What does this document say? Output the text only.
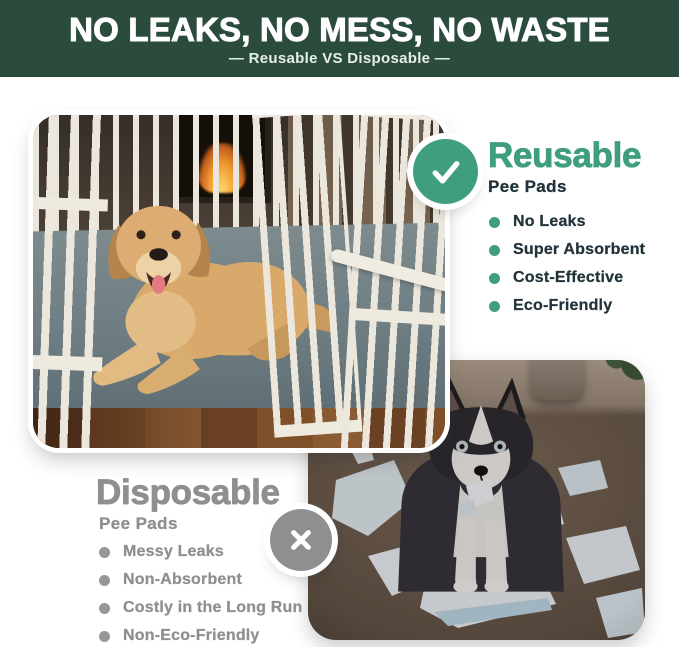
NO LEAKS, NO MESS, NO WASTE
— Reusable VS Disposable —
Reusable
Pee Pads
No Leaks
Super Absorbent
Cost-Effective
Eco-Friendly
Disposable
Pee Pads
Messy Leaks
Non-Absorbent
Costly in the Long Run
Non-Eco-Friendly
